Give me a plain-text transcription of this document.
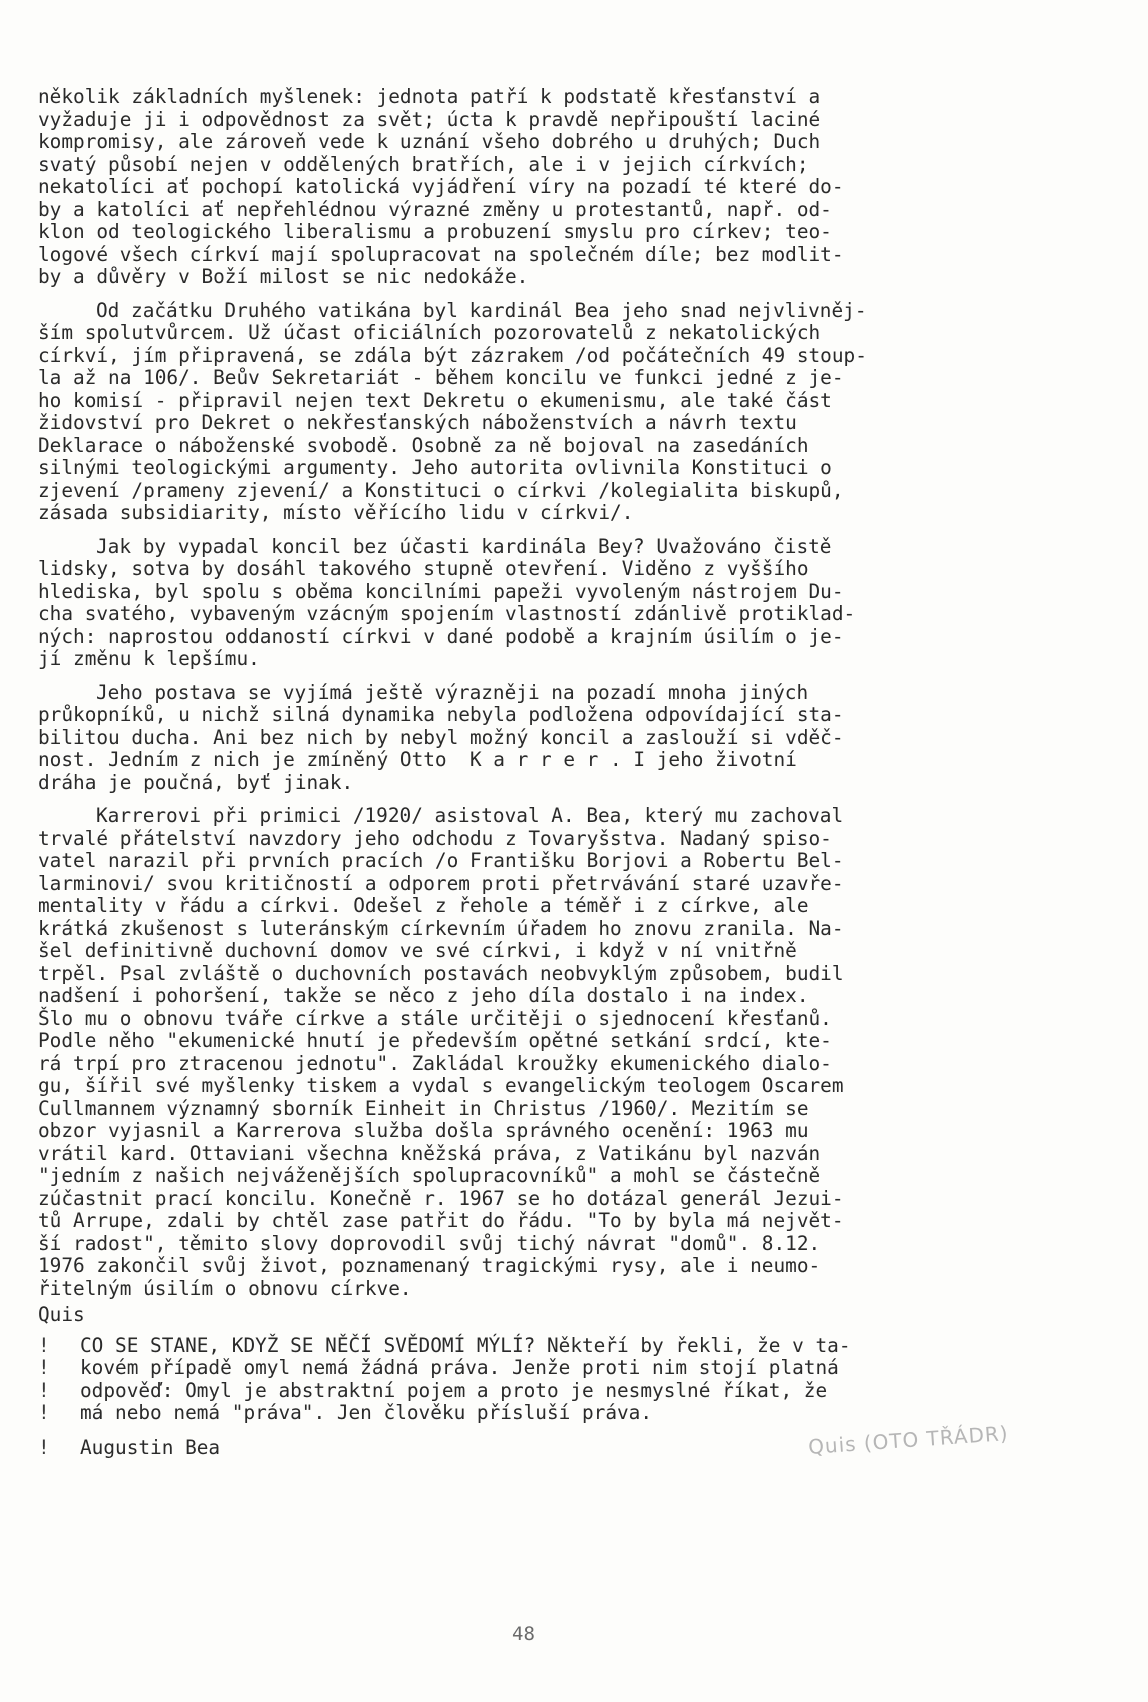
několik základních myšlenek: jednota patří k podstatě křesťanství a
vyžaduje ji i odpovědnost za svět; úcta k pravdě nepřipouští laciné
kompromisy, ale zároveň vede k uznání všeho dobrého u druhých; Duch
svatý působí nejen v oddělených bratřích, ale i v jejich církvích;
nekatolíci ať pochopí katolická vyjádření víry na pozadí té které do-
by a katolíci ať nepřehlédnou výrazné změny u protestantů, např. od-
klon od teologického liberalismu a probuzení smyslu pro církev; teo-
logové všech církví mají spolupracovat na společném díle; bez modlit-
by a důvěry v Boží milost se nic nedokáže.
Od začátku Druhého vatikána byl kardinál Bea jeho snad nejvlivněj-
ším spolutvůrcem. Už účast oficiálních pozorovatelů z nekatolických
církví, jím připravená, se zdála být zázrakem /od počátečních 49 stoup-
la až na 106/. Beův Sekretariát - během koncilu ve funkci jedné z je-
ho komisí - připravil nejen text Dekretu o ekumenismu, ale také část
židovství pro Dekret o nekřesťanských náboženstvích a návrh textu
Deklarace o náboženské svobodě. Osobně za ně bojoval na zasedáních
silnými teologickými argumenty. Jeho autorita ovlivnila Konstituci o
zjevení /prameny zjevení/ a Konstituci o církvi /kolegialita biskupů,
zásada subsidiarity, místo věřícího lidu v církvi/.
Jak by vypadal koncil bez účasti kardinála Bey? Uvažováno čistě
lidsky, sotva by dosáhl takového stupně otevření. Viděno z vyššího
hlediska, byl spolu s oběma koncilními papeži vyvoleným nástrojem Du-
cha svatého, vybaveným vzácným spojením vlastností zdánlivě protiklad-
ných: naprostou oddaností církvi v dané podobě a krajním úsilím o je-
jí změnu k lepšímu.
Jeho postava se vyjímá ještě výrazněji na pozadí mnoha jiných
průkopníků, u nichž silná dynamika nebyla podložena odpovídající sta-
bilitou ducha. Ani bez nich by nebyl možný koncil a zaslouží si vděč-
nost. Jedním z nich je zmíněný Otto  K a r r e r . I jeho životní
dráha je poučná, byť jinak.
Karrerovi při primici /1920/ asistoval A. Bea, který mu zachoval
trvalé přátelství navzdory jeho odchodu z Tovaryšstva. Nadaný spiso-
vatel narazil při prvních pracích /o Františku Borjovi a Robertu Bel-
larminovi/ svou kritičností a odporem proti přetrvávání staré uzavře-
mentality v řádu a církvi. Odešel z řehole a téměř i z církve, ale
krátká zkušenost s luteránským církevním úřadem ho znovu zranila. Na-
šel definitivně duchovní domov ve své církvi, i když v ní vnitřně
trpěl. Psal zvláště o duchovních postavách neobvyklým způsobem, budil
nadšení i pohoršení, takže se něco z jeho díla dostalo i na index.
Šlo mu o obnovu tváře církve a stále určitěji o sjednocení křesťanů.
Podle něho "ekumenické hnutí je především opětné setkání srdcí, kte-
rá trpí pro ztracenou jednotu". Zakládal kroužky ekumenického dialo-
gu, šířil své myšlenky tiskem a vydal s evangelickým teologem Oscarem
Cullmannem významný sborník Einheit in Christus /1960/. Mezitím se
obzor vyjasnil a Karrerova služba došla správného ocenění: 1963 mu
vrátil kard. Ottaviani všechna kněžská práva, z Vatikánu byl nazván
"jedním z našich nejváženějších spolupracovníků" a mohl se částečně
zúčastnit prací koncilu. Konečně r. 1967 se ho dotázal generál Jezui-
tů Arrupe, zdali by chtěl zase patřit do řádu. "To by byla má největ-
ší radost", těmito slovy doprovodil svůj tichý návrat "domů". 8.12.
1976 zakončil svůj život, poznamenaný tragickými rysy, ale i neumo-
řitelným úsilím o obnovu církve.
Quis
!	CO SE STANE, KDYŽ SE NĚČÍ SVĚDOMÍ MÝLÍ? Někteří by řekli, že v ta-
!	kovém případě omyl nemá žádná práva. Jenže proti nim stojí platná
!	odpověď: Omyl je abstraktní pojem a proto je nesmyslné říkat, že
!	má nebo nemá "práva". Jen člověku přísluší práva.
!	Augustin Bea	Quis (OTO TŘÁDR)
48
